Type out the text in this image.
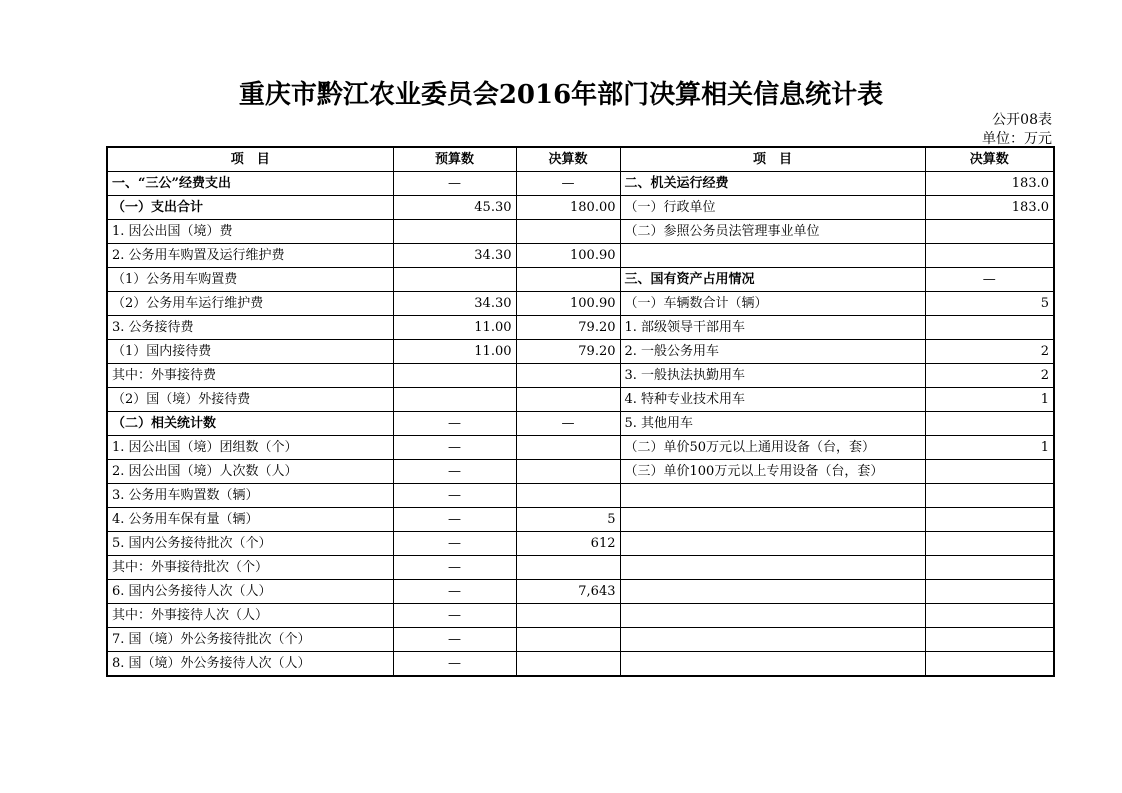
重庆市黔江农业委员会2016年部门决算相关信息统计表
公开08表
单位：万元
项　目	预算数	决算数	项　目	决算数
一、“三公”经费支出	—	—	二、机关运行经费	183.0
（一）支出合计	45.30	180.00	（一）行政单位	183.0
1. 因公出国（境）费			（二）参照公务员法管理事业单位	
2. 公务用车购置及运行维护费	34.30	100.90		
（1）公务用车购置费			三、国有资产占用情况	—
（2）公务用车运行维护费	34.30	100.90	（一）车辆数合计（辆）	5
3. 公务接待费	11.00	79.20	1. 部级领导干部用车	
（1）国内接待费	11.00	79.20	2. 一般公务用车	2
其中：外事接待费			3. 一般执法执勤用车	2
（2）国（境）外接待费			4. 特种专业技术用车	1
（二）相关统计数	—	—	5. 其他用车	
1. 因公出国（境）团组数（个）	—		（二）单价50万元以上通用设备（台，套）	1
2. 因公出国（境）人次数（人）	—		（三）单价100万元以上专用设备（台，套）	
3. 公务用车购置数（辆）	—			
4. 公务用车保有量（辆）	—	5		
5. 国内公务接待批次（个）	—	612		
其中：外事接待批次（个）	—			
6. 国内公务接待人次（人）	—	7,643		
其中：外事接待人次（人）	—			
7. 国（境）外公务接待批次（个）	—			
8. 国（境）外公务接待人次（人）	—			
